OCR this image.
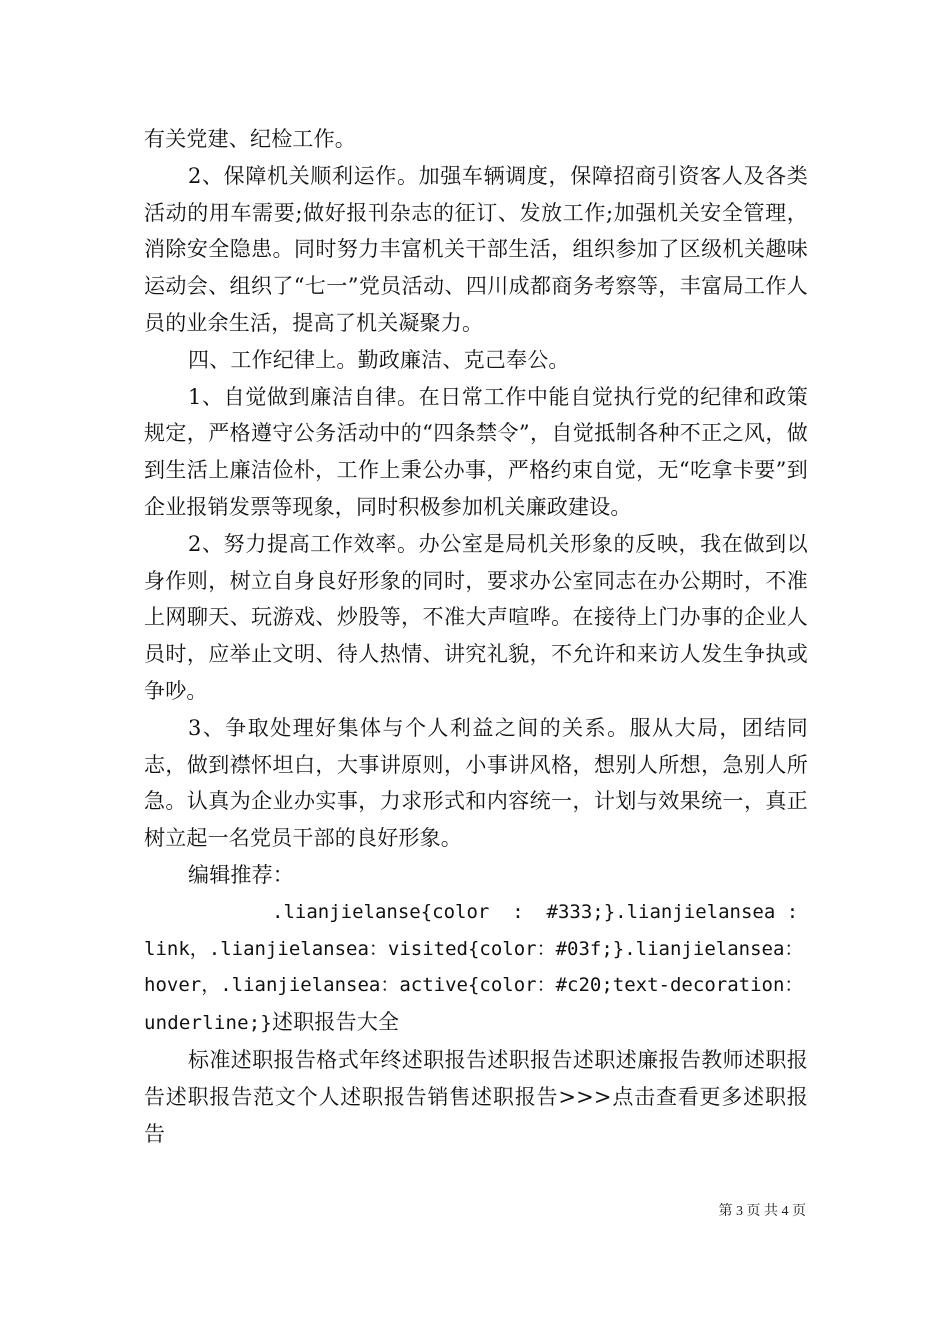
有关党建、纪检工作。

2、保障机关顺利运作。加强车辆调度，保障招商引资客人及各类活动的用车需要;做好报刊杂志的征订、发放工作;加强机关安全管理，消除安全隐患。同时努力丰富机关干部生活，组织参加了区级机关趣味运动会、组织了“七一”党员活动、四川成都商务考察等，丰富局工作人员的业余生活，提高了机关凝聚力。

四、工作纪律上。勤政廉洁、克己奉公。

1、自觉做到廉洁自律。在日常工作中能自觉执行党的纪律和政策规定，严格遵守公务活动中的“四条禁令”，自觉抵制各种不正之风，做到生活上廉洁俭朴，工作上秉公办事，严格约束自觉，无“吃拿卡要”到企业报销发票等现象，同时积极参加机关廉政建设。

2、努力提高工作效率。办公室是局机关形象的反映，我在做到以身作则，树立自身良好形象的同时，要求办公室同志在办公期时，不准上网聊天、玩游戏、炒股等，不准大声喧哗。在接待上门办事的企业人员时，应举止文明、待人热情、讲究礼貌，不允许和来访人发生争执或争吵。

3、争取处理好集体与个人利益之间的关系。服从大局，团结同志，做到襟怀坦白，大事讲原则，小事讲风格，想别人所想，急别人所急。认真为企业办实事，力求形式和内容统一，计划与效果统一，真正树立起一名党员干部的良好形象。

编辑推荐：

.lianjielanse{color  :  #333;}.lianjielansea :
link，.lianjielansea：visited{color：#03f;}.lianjielansea：
hover，.lianjielansea：active{color：#c20;text-decoration：

underline;}述职报告大全

标准述职报告格式年终述职报告述职报告述职述廉报告教师述职报告述职报告范文个人述职报告销售述职报告>>>点击查看更多述职报告

第 3 页 共 4 页
